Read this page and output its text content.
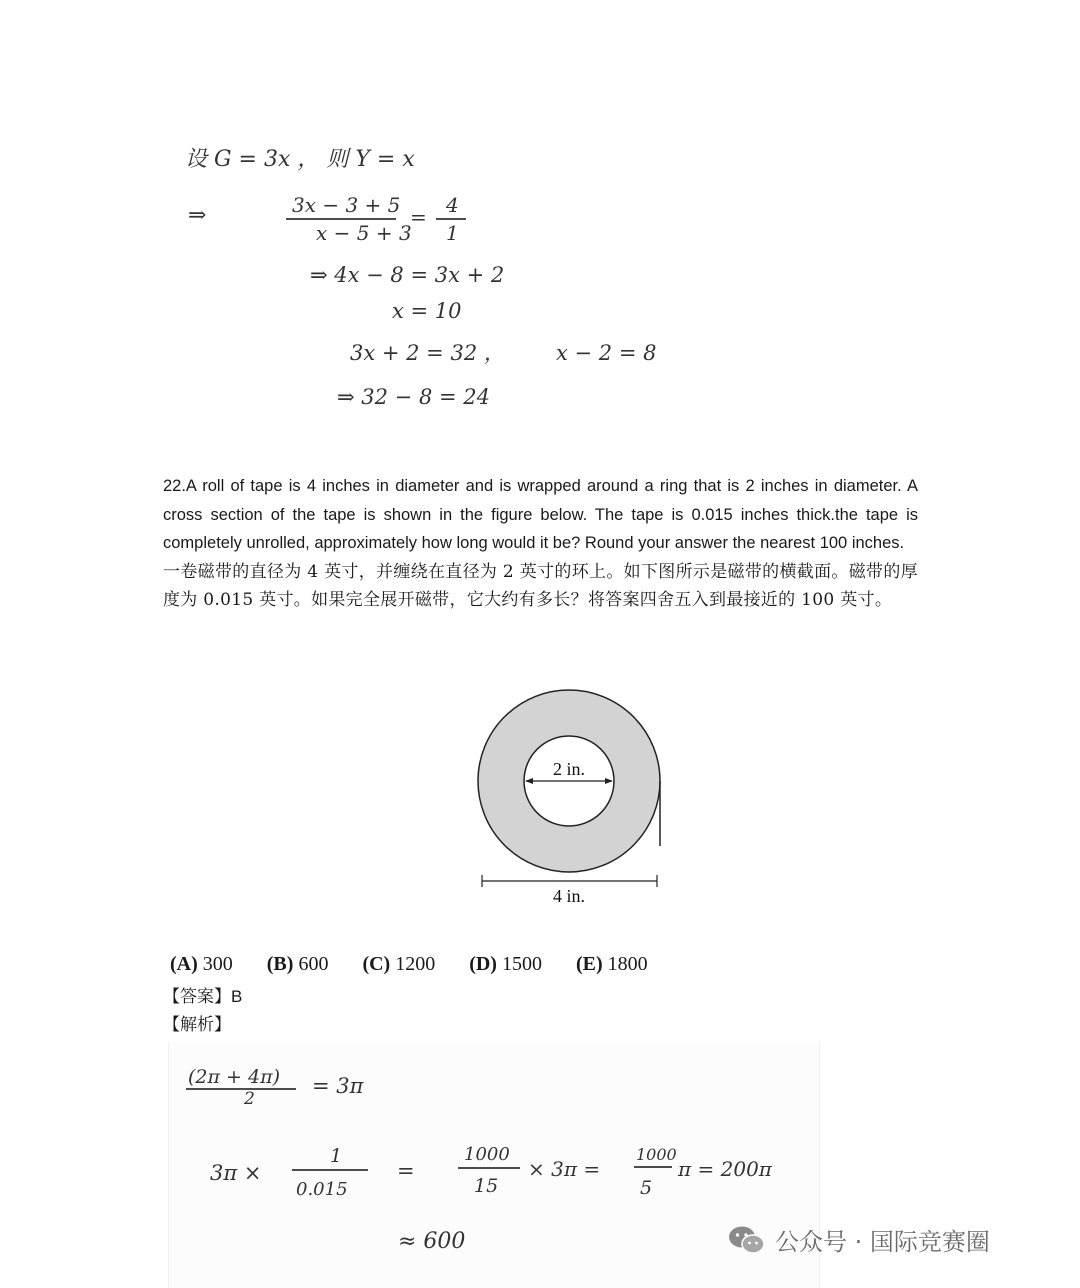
设 G = 3x ， 则 Y = x
⇒	3x − 3 + 5
x − 5 + 3
= 4
1
⇒ 4x − 8 = 3x + 2
x = 10
3x + 2 = 32 ， x − 2 = 8
⇒ 32 − 8 = 24

22.A roll of tape is 4 inches in diameter and is wrapped around a ring that is 2 inches in diameter. A cross section of the tape is shown in the figure below. The tape is 0.015 inches thick.the tape is completely unrolled, approximately how long would it be? Round your answer the nearest 100 inches.

一卷磁带的直径为 4 英寸，并缠绕在直径为 2 英寸的环上。如下图所示是磁带的横截面。磁带的厚度为 0.015 英寸。如果完全展开磁带，它大约有多长？将答案四舍五入到最接近的 100 英寸。

2 in.
4 in.
(A) 300 (B) 600 (C) 1200 (D) 1500 (E) 1800
【答案】B
【解析】
(2π + 4π)
2
= 3π
3π ×
1
0.015
=
1000
15
× 3π =
1000
5
π = 200π
≈ 600	公众号 · 国际竞赛圈
